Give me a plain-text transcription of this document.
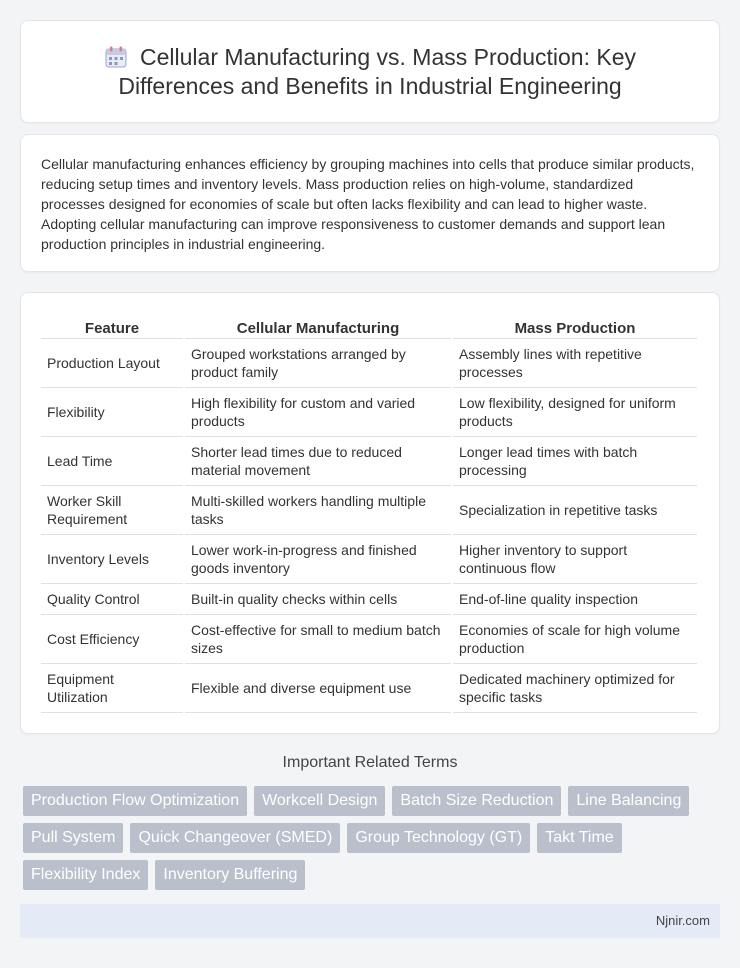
Cellular Manufacturing vs. Mass Production: Key Differences and Benefits in Industrial Engineering

Cellular manufacturing enhances efficiency by grouping machines into cells that produce similar products, reducing setup times and inventory levels. Mass production relies on high-volume, standardized processes designed for economies of scale but often lacks flexibility and can lead to higher waste. Adopting cellular manufacturing can improve responsiveness to customer demands and support lean production principles in industrial engineering.

Feature	Cellular Manufacturing	Mass Production
Production Layout	Grouped workstations arranged by product family	Assembly lines with repetitive processes
Flexibility	High flexibility for custom and varied products	Low flexibility, designed for uniform products
Lead Time	Shorter lead times due to reduced material movement	Longer lead times with batch processing
Worker Skill Requirement	Multi-skilled workers handling multiple tasks	Specialization in repetitive tasks
Inventory Levels	Lower work-in-progress and finished goods inventory	Higher inventory to support continuous flow
Quality Control	Built-in quality checks within cells	End-of-line quality inspection
Cost Efficiency	Cost-effective for small to medium batch sizes	Economies of scale for high volume production
Equipment Utilization	Flexible and diverse equipment use	Dedicated machinery optimized for specific tasks
Important Related Terms
Production Flow Optimization	Workcell Design	Batch Size Reduction	Line Balancing
Pull System	Quick Changeover (SMED)	Group Technology (GT)	Takt Time
Flexibility Index	Inventory Buffering
Njnir.com
